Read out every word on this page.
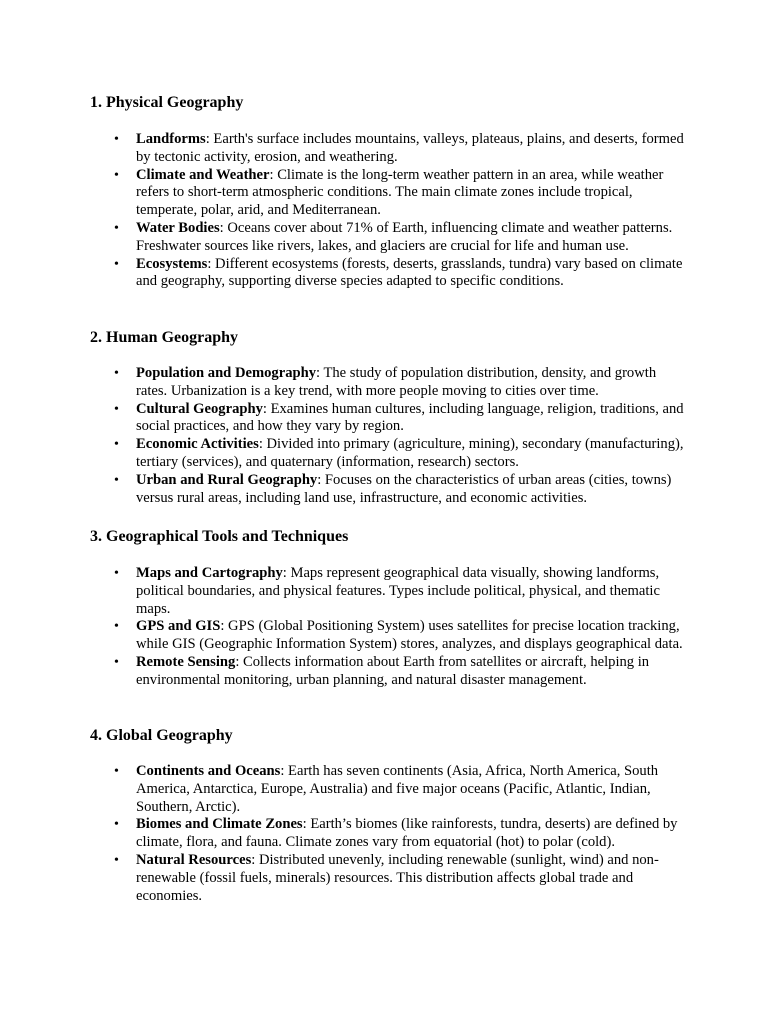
1. Physical Geography
• Landforms: Earth's surface includes mountains, valleys, plateaus, plains, and deserts, formed by tectonic activity, erosion, and weathering.
• Climate and Weather: Climate is the long-term weather pattern in an area, while weather refers to short-term atmospheric conditions. The main climate zones include tropical, temperate, polar, arid, and Mediterranean.
• Water Bodies: Oceans cover about 71% of Earth, influencing climate and weather patterns. Freshwater sources like rivers, lakes, and glaciers are crucial for life and human use.
• Ecosystems: Different ecosystems (forests, deserts, grasslands, tundra) vary based on climate and geography, supporting diverse species adapted to specific conditions.
2. Human Geography
• Population and Demography: The study of population distribution, density, and growth rates. Urbanization is a key trend, with more people moving to cities over time.
• Cultural Geography: Examines human cultures, including language, religion, traditions, and social practices, and how they vary by region.
• Economic Activities: Divided into primary (agriculture, mining), secondary (manufacturing), tertiary (services), and quaternary (information, research) sectors.
• Urban and Rural Geography: Focuses on the characteristics of urban areas (cities, towns) versus rural areas, including land use, infrastructure, and economic activities.
3. Geographical Tools and Techniques
• Maps and Cartography: Maps represent geographical data visually, showing landforms, political boundaries, and physical features. Types include political, physical, and thematic maps.
• GPS and GIS: GPS (Global Positioning System) uses satellites for precise location tracking, while GIS (Geographic Information System) stores, analyzes, and displays geographical data.
• Remote Sensing: Collects information about Earth from satellites or aircraft, helping in environmental monitoring, urban planning, and natural disaster management.
4. Global Geography
• Continents and Oceans: Earth has seven continents (Asia, Africa, North America, South America, Antarctica, Europe, Australia) and five major oceans (Pacific, Atlantic, Indian, Southern, Arctic).
• Biomes and Climate Zones: Earth’s biomes (like rainforests, tundra, deserts) are defined by climate, flora, and fauna. Climate zones vary from equatorial (hot) to polar (cold).
• Natural Resources: Distributed unevenly, including renewable (sunlight, wind) and non-renewable (fossil fuels, minerals) resources. This distribution affects global trade and economies.
